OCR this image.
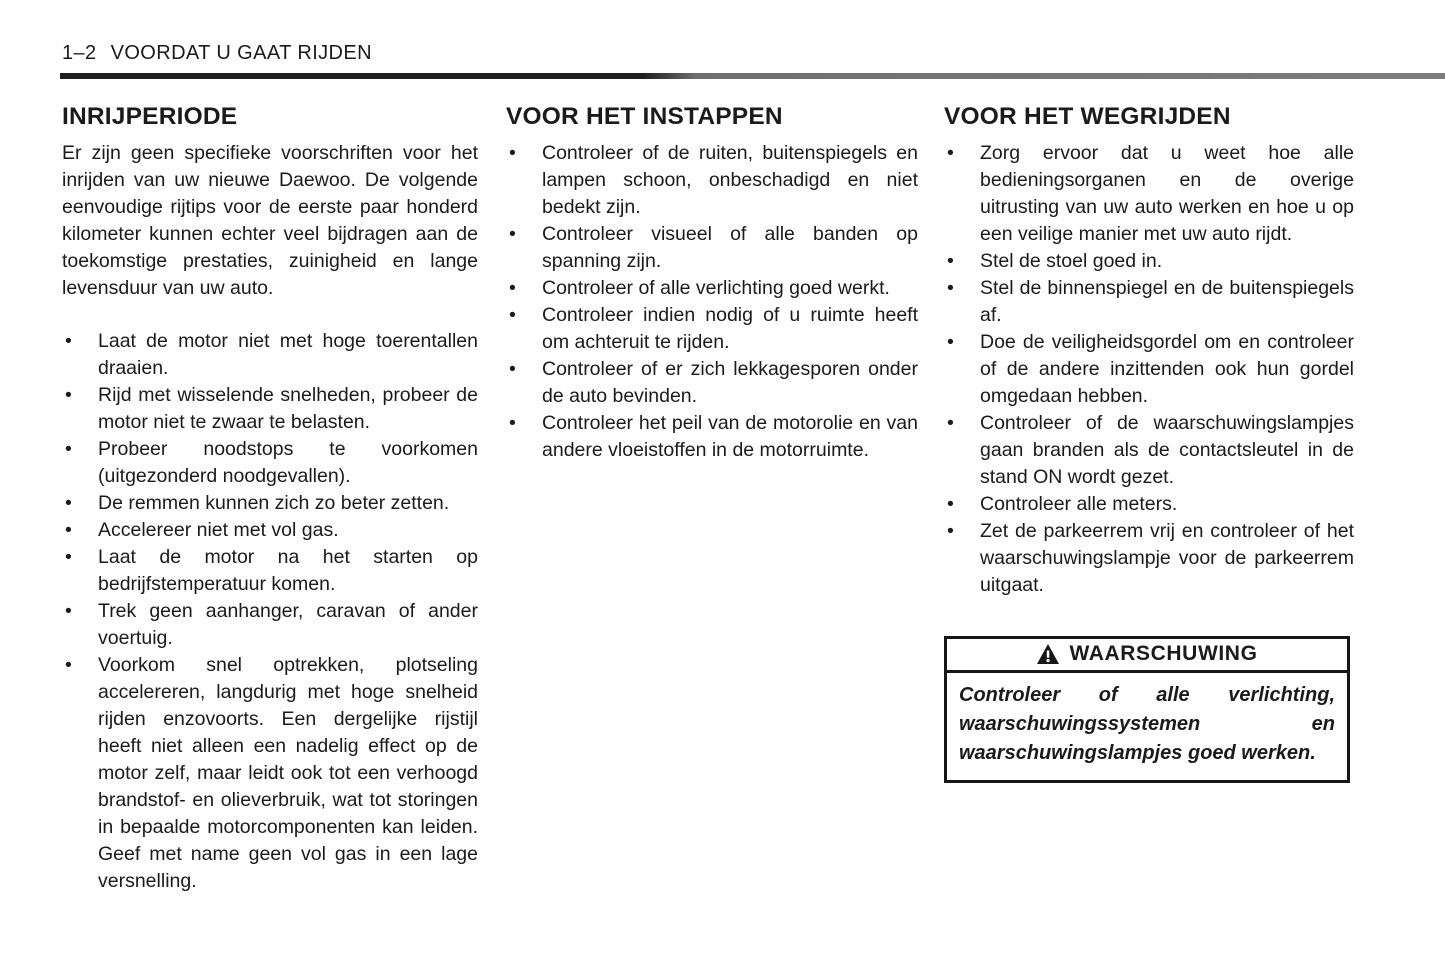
1–2 VOORDAT U GAAT RIJDEN
INRIJPERIODE

Er zijn geen specifieke voorschriften voor het inrijden van uw nieuwe Daewoo. De volgende eenvoudige rijtips voor de eerste paar honderd kilometer kunnen echter veel bijdragen aan de toekomstige prestaties, zuinigheid en lange levensduur van uw auto.

• Laat de motor niet met hoge toerentallen draaien.
• Rijd met wisselende snelheden, probeer de motor niet te zwaar te belasten.
• Probeer noodstops te voorkomen (uitgezonderd noodgevallen).
• De remmen kunnen zich zo beter zetten.
• Accelereer niet met vol gas.
• Laat de motor na het starten op bedrijfstemperatuur komen.
• Trek geen aanhanger, caravan of ander voertuig.
• Voorkom snel optrekken, plotseling accelereren, langdurig met hoge snelheid rijden enzovoorts. Een dergelijke rijstijl heeft niet alleen een nadelig effect op de motor zelf, maar leidt ook tot een verhoogd brandstof- en olieverbruik, wat tot storingen in bepaalde motorcomponenten kan leiden. Geef met name geen vol gas in een lage versnelling.
VOOR HET INSTAPPEN
• Controleer of de ruiten, buitenspiegels en lampen schoon, onbeschadigd en niet bedekt zijn.
• Controleer visueel of alle banden op spanning zijn.
• Controleer of alle verlichting goed werkt.
• Controleer indien nodig of u ruimte heeft om achteruit te rijden.
• Controleer of er zich lekkagesporen onder de auto bevinden.
• Controleer het peil van de motorolie en van andere vloeistoffen in de motorruimte.
VOOR HET WEGRIJDEN
• Zorg ervoor dat u weet hoe alle bedieningsorganen en de overige uitrusting van uw auto werken en hoe u op een veilige manier met uw auto rijdt.
• Stel de stoel goed in.
• Stel de binnenspiegel en de buitenspiegels af.
• Doe de veiligheidsgordel om en controleer of de andere inzittenden ook hun gordel omgedaan hebben.
• Controleer of de waarschuwingslampjes gaan branden als de contactsleutel in de stand ON wordt gezet.
• Controleer alle meters.
• Zet de parkeerrem vrij en controleer of het waarschuwingslampje voor de parkeerrem uitgaat.
WAARSCHUWING

Controleer of alle verlichting, waarschuwingssystemen en waarschuwingslampjes goed werken.
